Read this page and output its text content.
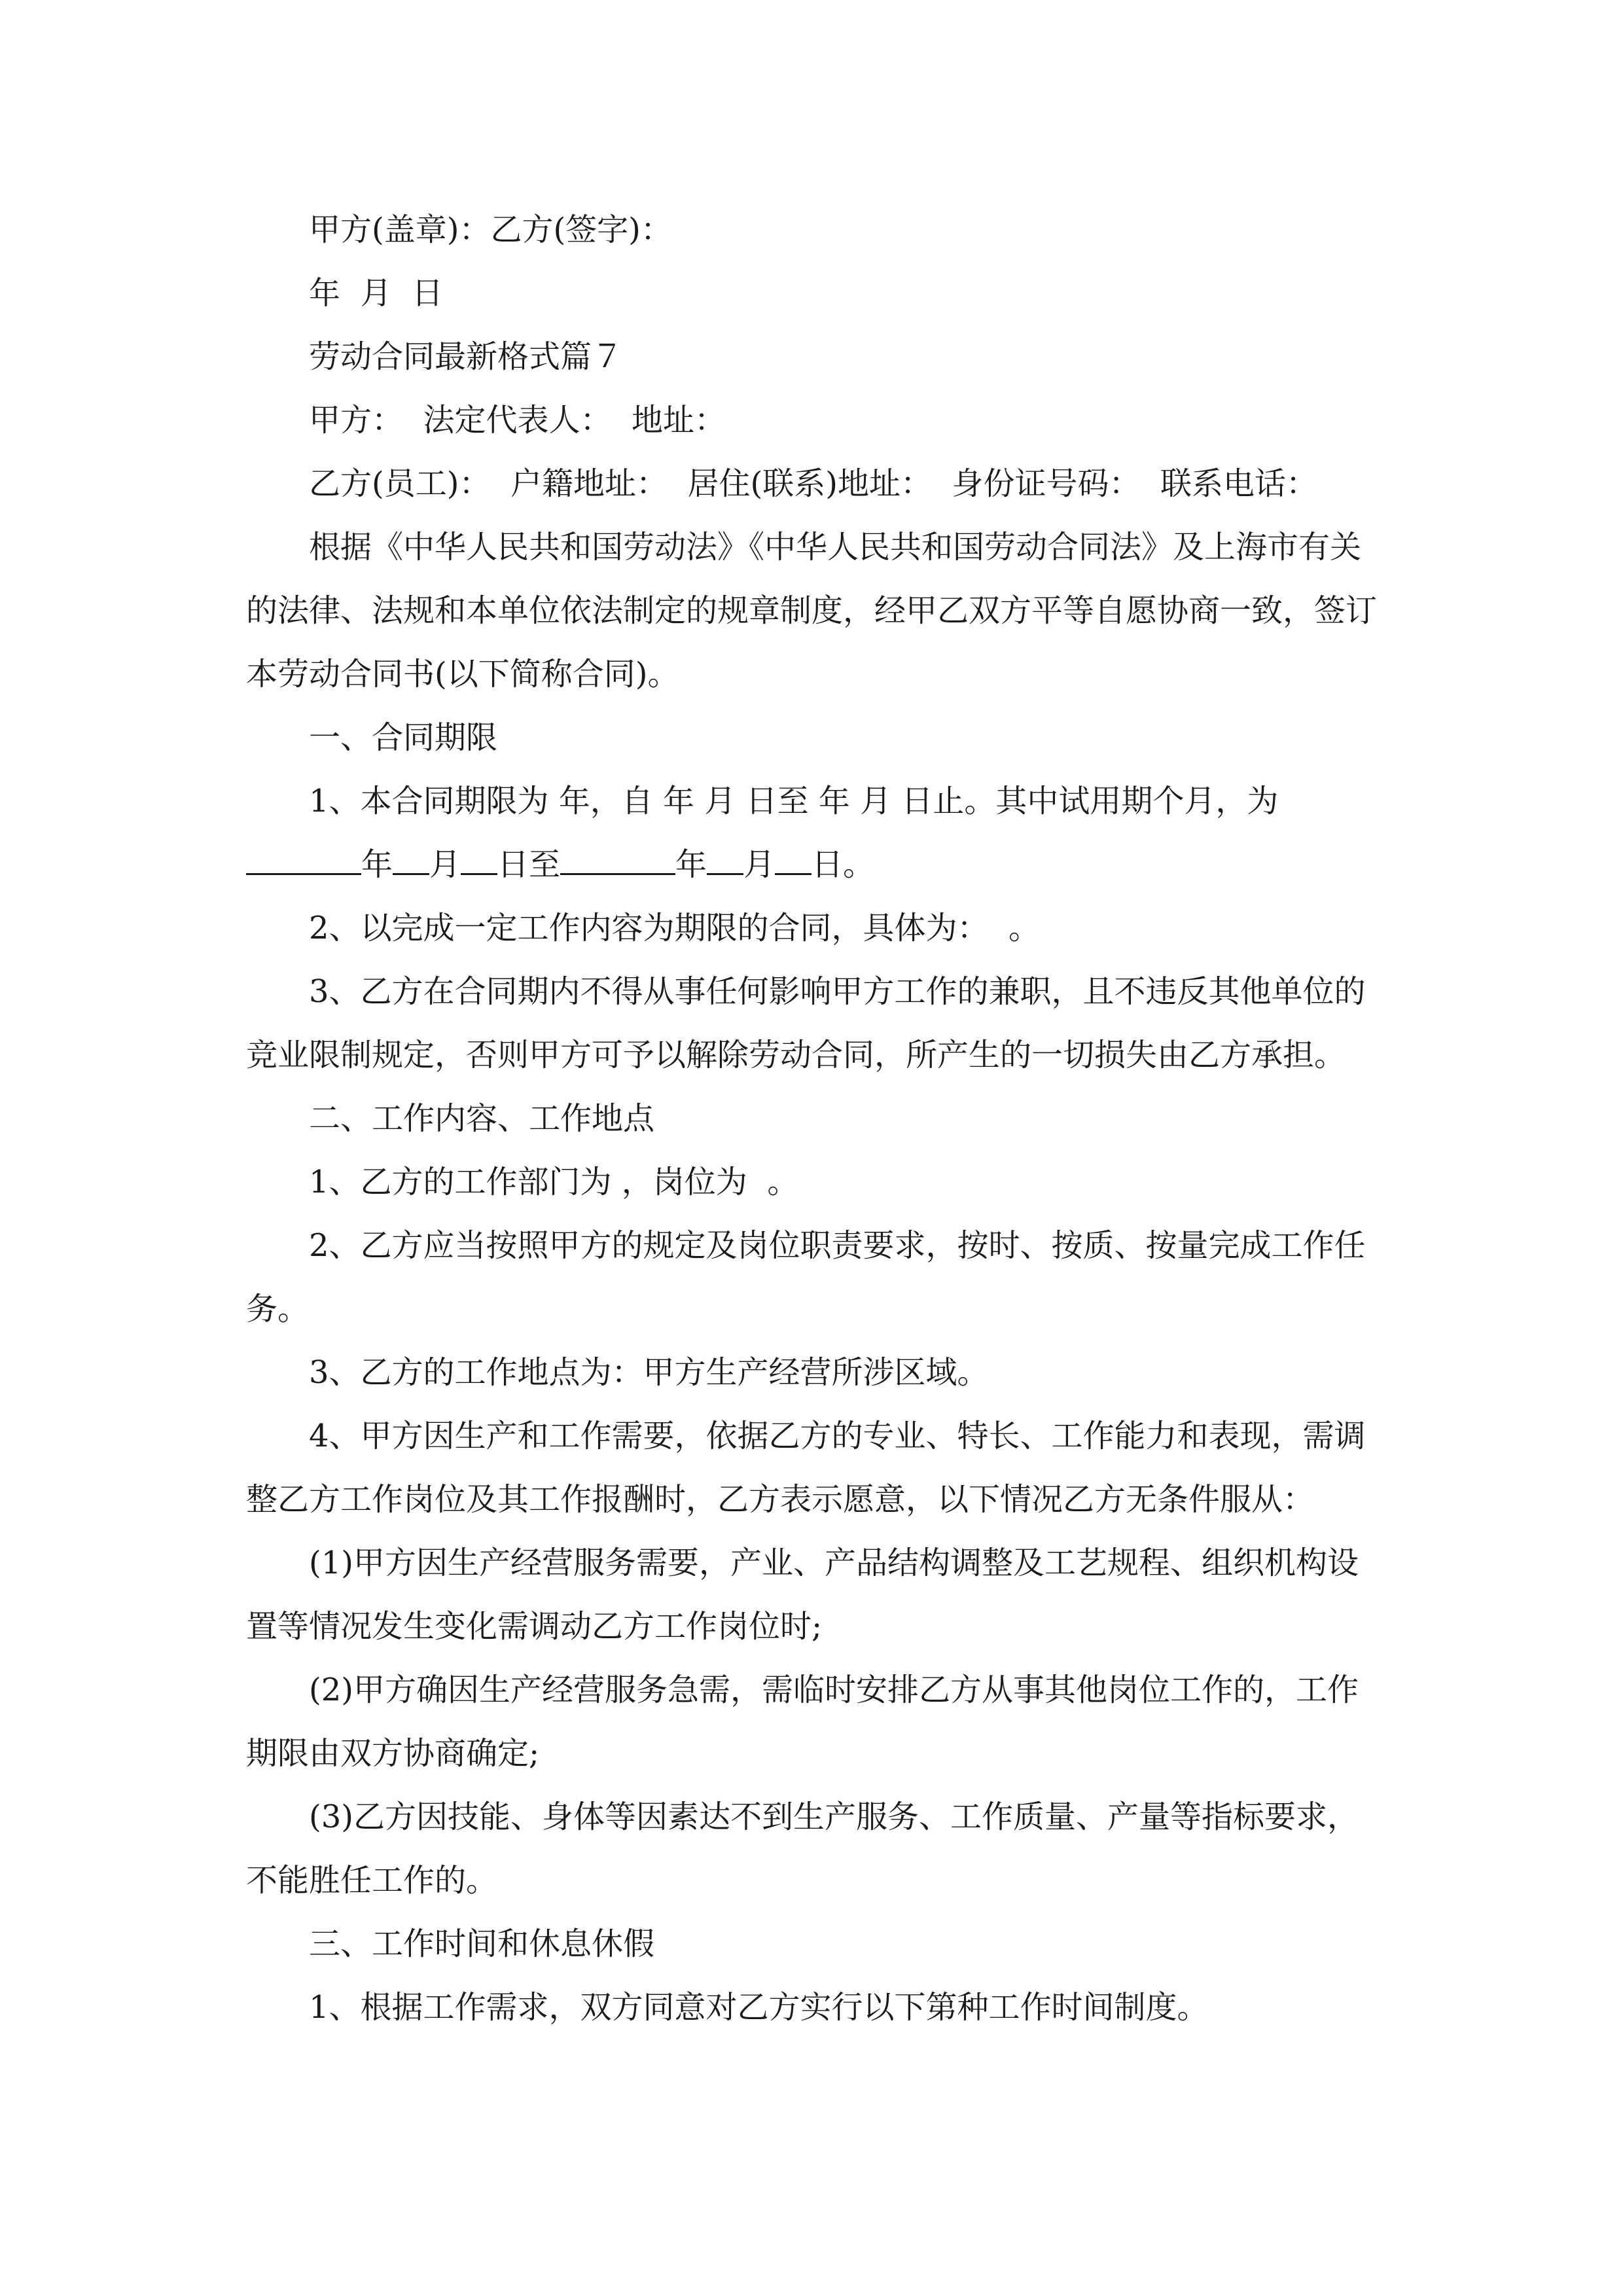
甲方(盖章)：乙方(签字)：

年  月  日

劳动合同最新格式篇７

甲方：  法定代表人：  地址：

乙方(员工)：  户籍地址：  居住(联系)地址：  身份证号码：  联系电话：

根据《中华人民共和国劳动法》《中华人民共和国劳动合同法》及上海市有关的法律、法规和本单位依法制定的规章制度，经甲乙双方平等自愿协商一致，签订本劳动合同书(以下简称合同)。

一、合同期限

1、本合同期限为 年，自 年 月 日至 年 月 日止。其中试用期个月，为

年 月 日至	年 月 日。

2、以完成一定工作内容为期限的合同，具体为：  。

3、乙方在合同期内不得从事任何影响甲方工作的兼职，且不违反其他单位的竞业限制规定，否则甲方可予以解除劳动合同，所产生的一切损失由乙方承担。

二、工作内容、工作地点

1、乙方的工作部门为 ，岗位为  。

2、乙方应当按照甲方的规定及岗位职责要求，按时、按质、按量完成工作任务。

3、乙方的工作地点为：甲方生产经营所涉区域。

4、甲方因生产和工作需要，依据乙方的专业、特长、工作能力和表现，需调整乙方工作岗位及其工作报酬时，乙方表示愿意，以下情况乙方无条件服从：

(1)甲方因生产经营服务需要，产业、产品结构调整及工艺规程、组织机构设置等情况发生变化需调动乙方工作岗位时;

(2)甲方确因生产经营服务急需，需临时安排乙方从事其他岗位工作的，工作期限由双方协商确定;

(3)乙方因技能、身体等因素达不到生产服务、工作质量、产量等指标要求，不能胜任工作的。

三、工作时间和休息休假

1、根据工作需求，双方同意对乙方实行以下第种工作时间制度。
